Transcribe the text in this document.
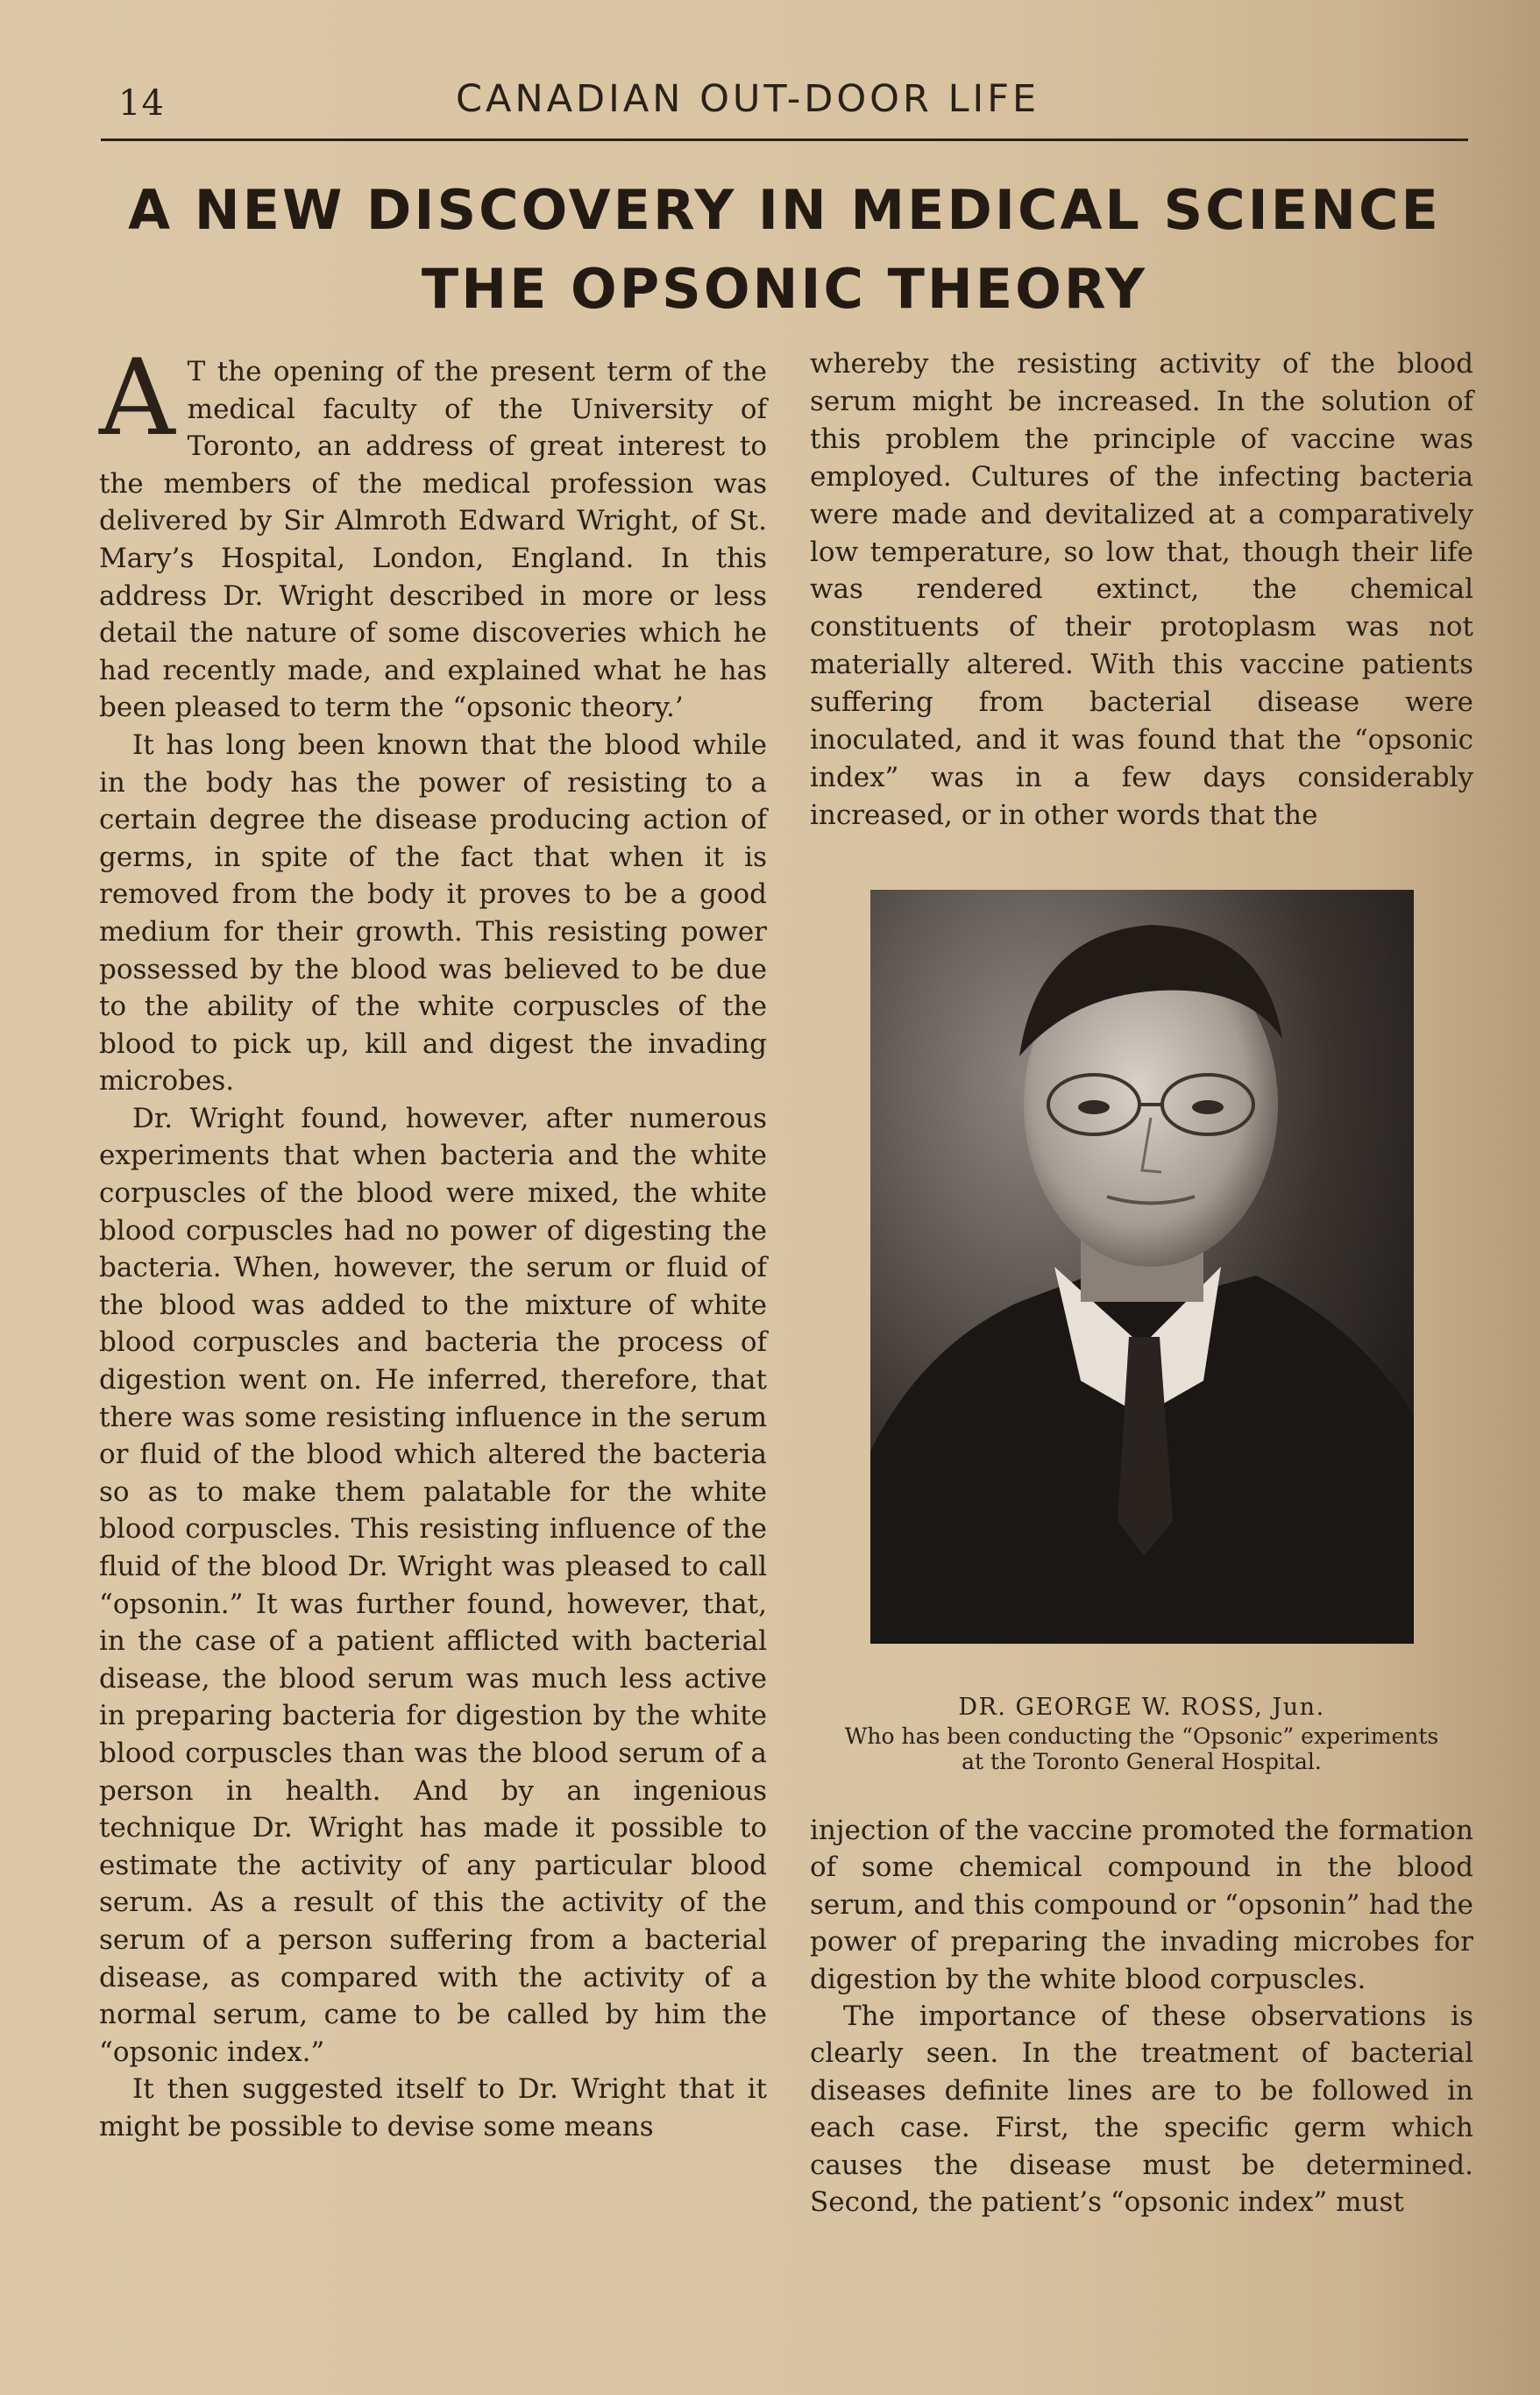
14	CANADIAN OUT-DOOR LIFE
A NEW DISCOVERY IN MEDICAL SCIENCE
THE OPSONIC THEORY

A T the opening of the present term of the medical faculty of the University of Toronto, an address of great interest to the members of the medical profession was delivered by Sir Almroth Edward Wright, of St. Mary’s Hospital, London, England. In this address Dr. Wright described in more or less detail the nature of some discoveries which he had recently made, and explained what he has been pleased to term the “opsonic theory.’

It has long been known that the blood while in the body has the power of resisting to a certain degree the disease producing action of germs, in spite of the fact that when it is removed from the body it proves to be a good medium for their growth. This resisting power possessed by the blood was believed to be due to the ability of the white corpuscles of the blood to pick up, kill and digest the invading microbes.

Dr. Wright found, however, after numerous experiments that when bacteria and the white corpuscles of the blood were mixed, the white blood corpuscles had no power of digesting the bacteria. When, however, the serum or fluid of the blood was added to the mixture of white blood corpuscles and bacteria the process of digestion went on. He inferred, therefore, that there was some resisting influence in the serum or fluid of the blood which altered the bacteria so as to make them palatable for the white blood corpuscles. This resisting influence of the fluid of the blood Dr. Wright was pleased to call “opsonin.” It was further found, however, that, in the case of a patient afflicted with bacterial disease, the blood serum was much less active in preparing bacteria for digestion by the white blood corpuscles than was the blood serum of a person in health. And by an ingenious technique Dr. Wright has made it possible to estimate the activity of any particular blood serum. As a result of this the activity of the serum of a person suffering from a bacterial disease, as compared with the activity of a normal serum, came to be called by him the “opsonic index.”

It then suggested itself to Dr. Wright that it might be possible to devise some means

whereby the resisting activity of the blood serum might be increased. In the solution of this problem the principle of vaccine was employed. Cultures of the infecting bacteria were made and devitalized at a comparatively low temperature, so low that, though their life was rendered extinct, the chemical constituents of their protoplasm was not materially altered. With this vaccine patients suffering from bacterial disease were inoculated, and it was found that the “opsonic index” was in a few days considerably increased, or in other words that the

DR. GEORGE W. ROSS, Jun.
Who has been conducting the “Opsonic” experiments
at the Toronto General Hospital.

injection of the vaccine promoted the formation of some chemical compound in the blood serum, and this compound or “opsonin” had the power of preparing the invading microbes for digestion by the white blood corpuscles.

The importance of these observations is clearly seen. In the treatment of bacterial diseases definite lines are to be followed in each case. First, the specific germ which causes the disease must be determined. Second, the patient’s “opsonic index” must
